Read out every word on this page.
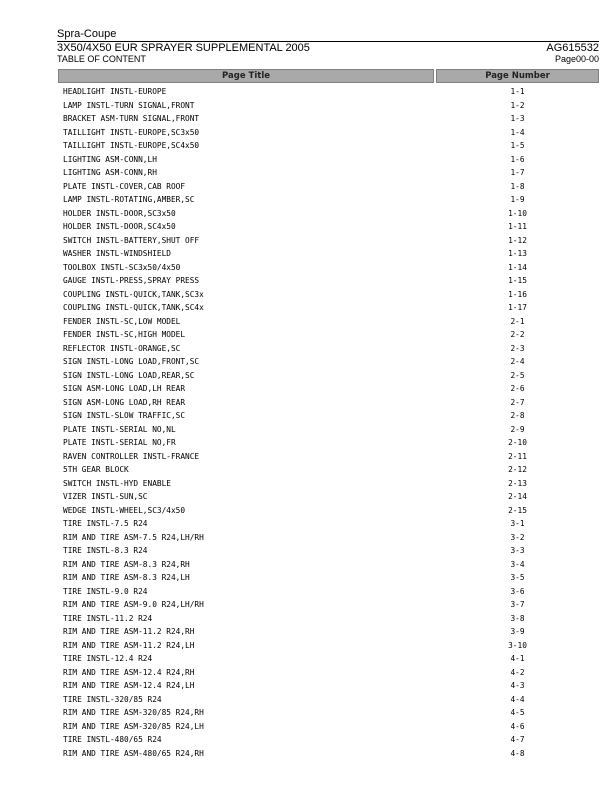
Spra-Coupe
3X50/4X50 EUR SPRAYER SUPPLEMENTAL 2005	AG615532
TABLE OF CONTENT	Page00-00
Page Title	Page Number
HEADLIGHT INSTL-EUROPE	1-1
LAMP INSTL-TURN SIGNAL,FRONT	1-2
BRACKET ASM-TURN SIGNAL,FRONT	1-3
TAILLIGHT INSTL-EUROPE,SC3x50	1-4
TAILLIGHT INSTL-EUROPE,SC4x50	1-5
LIGHTING ASM-CONN,LH	1-6
LIGHTING ASM-CONN,RH	1-7
PLATE INSTL-COVER,CAB ROOF	1-8
LAMP INSTL-ROTATING,AMBER,SC	1-9
HOLDER INSTL-DOOR,SC3x50	1-10
HOLDER INSTL-DOOR,SC4x50	1-11
SWITCH INSTL-BATTERY,SHUT OFF	1-12
WASHER INSTL-WINDSHIELD	1-13
TOOLBOX INSTL-SC3x50/4x50	1-14
GAUGE INSTL-PRESS,SPRAY PRESS	1-15
COUPLING INSTL-QUICK,TANK,SC3x	1-16
COUPLING INSTL-QUICK,TANK,SC4x	1-17
FENDER INSTL-SC,LOW MODEL	2-1
FENDER INSTL-SC,HIGH MODEL	2-2
REFLECTOR INSTL-ORANGE,SC	2-3
SIGN INSTL-LONG LOAD,FRONT,SC	2-4
SIGN INSTL-LONG LOAD,REAR,SC	2-5
SIGN ASM-LONG LOAD,LH REAR	2-6
SIGN ASM-LONG LOAD,RH REAR	2-7
SIGN INSTL-SLOW TRAFFIC,SC	2-8
PLATE INSTL-SERIAL NO,NL	2-9
PLATE INSTL-SERIAL NO,FR	2-10
RAVEN CONTROLLER INSTL-FRANCE	2-11
5TH GEAR BLOCK	2-12
SWITCH INSTL-HYD ENABLE	2-13
VIZER INSTL-SUN,SC	2-14
WEDGE INSTL-WHEEL,SC3/4x50	2-15
TIRE INSTL-7.5 R24	3-1
RIM AND TIRE ASM-7.5 R24,LH/RH	3-2
TIRE INSTL-8.3 R24	3-3
RIM AND TIRE ASM-8.3 R24,RH	3-4
RIM AND TIRE ASM-8.3 R24,LH	3-5
TIRE INSTL-9.0 R24	3-6
RIM AND TIRE ASM-9.0 R24,LH/RH	3-7
TIRE INSTL-11.2 R24	3-8
RIM AND TIRE ASM-11.2 R24,RH	3-9
RIM AND TIRE ASM-11.2 R24,LH	3-10
TIRE INSTL-12.4 R24	4-1
RIM AND TIRE ASM-12.4 R24,RH	4-2
RIM AND TIRE ASM-12.4 R24,LH	4-3
TIRE INSTL-320/85 R24	4-4
RIM AND TIRE ASM-320/85 R24,RH	4-5
RIM AND TIRE ASM-320/85 R24,LH	4-6
TIRE INSTL-480/65 R24	4-7
RIM AND TIRE ASM-480/65 R24,RH	4-8
